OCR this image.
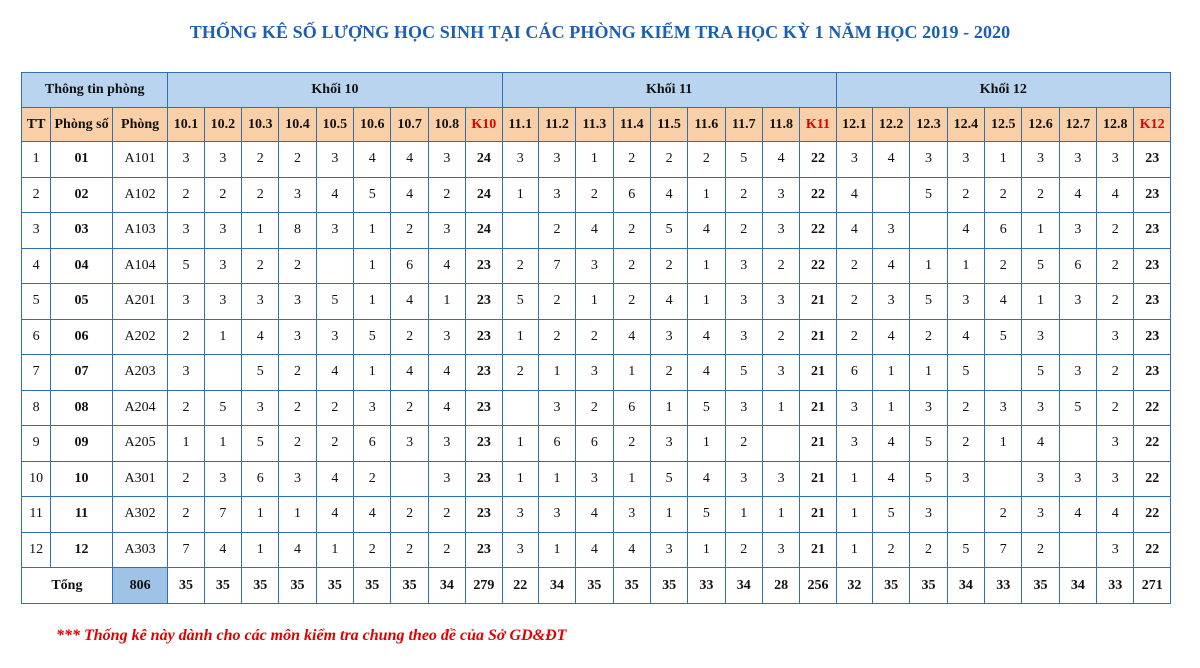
THỐNG KÊ SỐ LƯỢNG HỌC SINH TẠI CÁC PHÒNG KIỂM TRA HỌC KỲ 1 NĂM HỌC 2019 - 2020
Thông tin phòng			Khối 10									Khối 11									Khối 12								
TT	Phòng số	Phòng	10.1	10.2	10.3	10.4	10.5	10.6	10.7	10.8	K10	11.1	11.2	11.3	11.4	11.5	11.6	11.7	11.8	K11	12.1	12.2	12.3	12.4	12.5	12.6	12.7	12.8	K12
1	01	A101	3	3	2	2	3	4	4	3	24	3	3	1	2	2	2	5	4	22	3	4	3	3	1	3	3	3	23
2	02	A102	2	2	2	3	4	5	4	2	24	1	3	2	6	4	1	2	3	22	4		5	2	2	2	4	4	23
3	03	A103	3	3	1	8	3	1	2	3	24		2	4	2	5	4	2	3	22	4	3		4	6	1	3	2	23
4	04	A104	5	3	2	2		1	6	4	23	2	7	3	2	2	1	3	2	22	2	4	1	1	2	5	6	2	23
5	05	A201	3	3	3	3	5	1	4	1	23	5	2	1	2	4	1	3	3	21	2	3	5	3	4	1	3	2	23
6	06	A202	2	1	4	3	3	5	2	3	23	1	2	2	4	3	4	3	2	21	2	4	2	4	5	3		3	23
7	07	A203	3		5	2	4	1	4	4	23	2	1	3	1	2	4	5	3	21	6	1	1	5		5	3	2	23
8	08	A204	2	5	3	2	2	3	2	4	23		3	2	6	1	5	3	1	21	3	1	3	2	3	3	5	2	22
9	09	A205	1	1	5	2	2	6	3	3	23	1	6	6	2	3	1	2		21	3	4	5	2	1	4		3	22
10	10	A301	2	3	6	3	4	2		3	23	1	1	3	1	5	4	3	3	21	1	4	5	3		3	3	3	22
11	11	A302	2	7	1	1	4	4	2	2	23	3	3	4	3	1	5	1	1	21	1	5	3		2	3	4	4	22
12	12	A303	7	4	1	4	1	2	2	2	23	3	1	4	4	3	1	2	3	21	1	2	2	5	7	2		3	22
Tổng		806	35	35	35	35	35	35	35	34	279	22	34	35	35	35	33	34	28	256	32	35	35	34	33	35	34	33	271
*** Thống kê này dành cho các môn kiểm tra chung theo đề của Sở GD&ĐT
